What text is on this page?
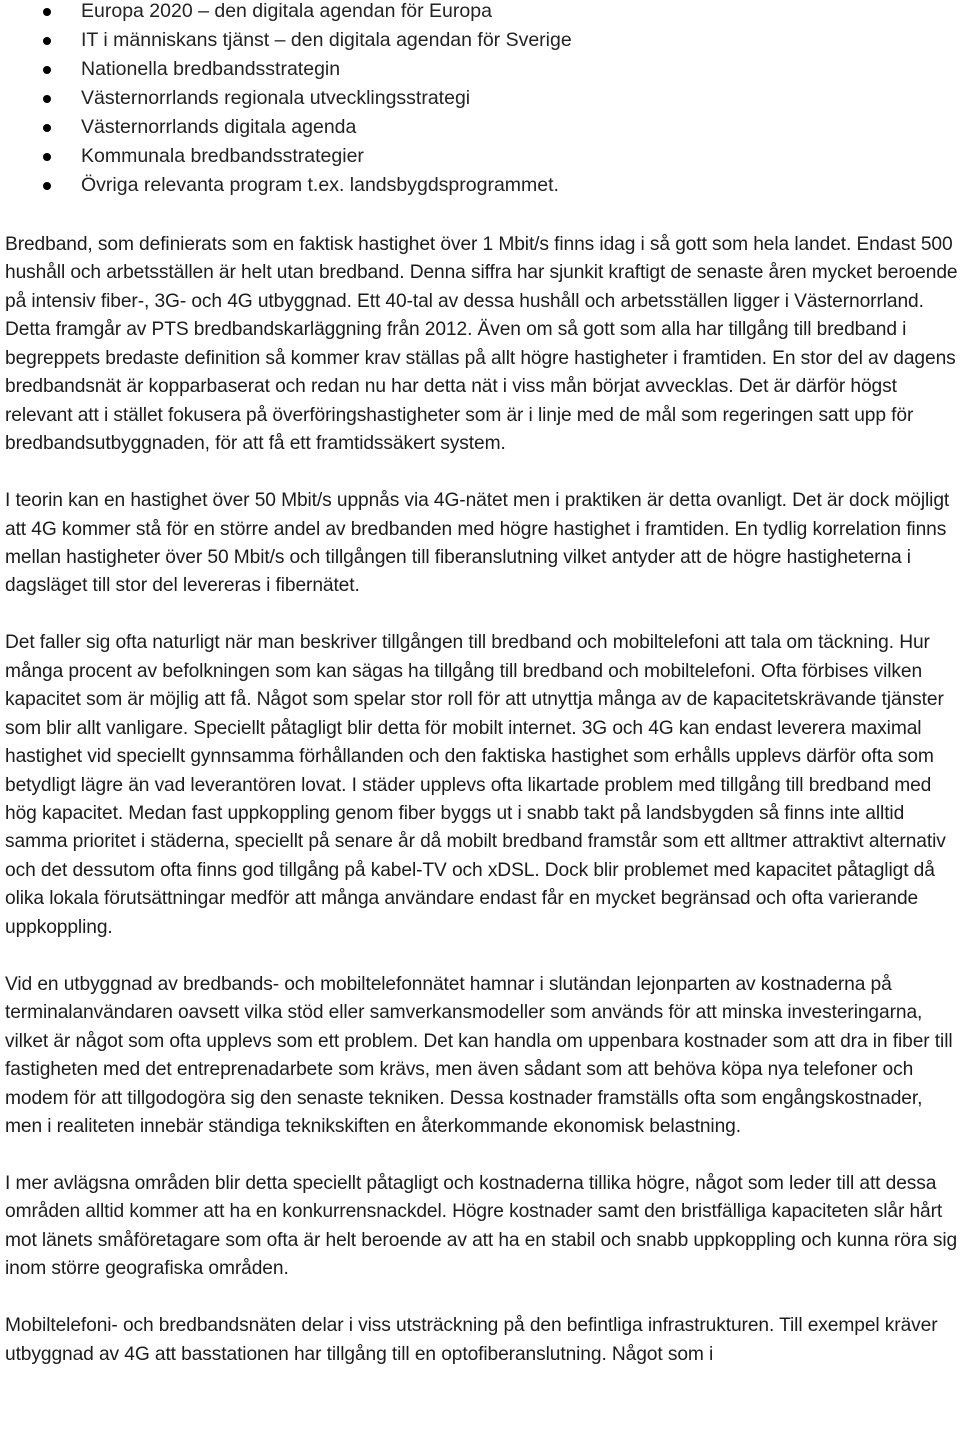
Europa 2020 – den digitala agendan för Europa
IT i människans tjänst – den digitala agendan för Sverige
Nationella bredbandsstrategin
Västernorrlands regionala utvecklingsstrategi
Västernorrlands digitala agenda
Kommunala bredbandsstrategier
Övriga relevanta program t.ex. landsbygdsprogrammet.

Bredband, som definierats som en faktisk hastighet över 1 Mbit/s finns idag i så gott som hela landet. Endast 500 hushåll och arbetsställen är helt utan bredband. Denna siffra har sjunkit kraftigt de senaste åren mycket beroende på intensiv fiber-, 3G- och 4G utbyggnad. Ett 40-tal av dessa hushåll och arbetsställen ligger i Västernorrland. Detta framgår av PTS bredbandskarläggning från 2012. Även om så gott som alla har tillgång till bredband i begreppets bredaste definition så kommer krav ställas på allt högre hastigheter i framtiden. En stor del av dagens bredbandsnät är kopparbaserat och redan nu har detta nät i viss mån börjat avvecklas. Det är därför högst relevant att i stället fokusera på överföringshastigheter som är i linje med de mål som regeringen satt upp för bredbandsutbyggnaden, för att få ett framtidssäkert system.

I teorin kan en hastighet över 50 Mbit/s uppnås via 4G-nätet men i praktiken är detta ovanligt. Det är dock möjligt att 4G kommer stå för en större andel av bredbanden med högre hastighet i framtiden. En tydlig korrelation finns mellan hastigheter över 50 Mbit/s och tillgången till fiberanslutning vilket antyder att de högre hastigheterna i dagsläget till stor del levereras i fibernätet.

Det faller sig ofta naturligt när man beskriver tillgången till bredband och mobiltelefoni att tala om täckning. Hur många procent av befolkningen som kan sägas ha tillgång till bredband och mobiltelefoni. Ofta förbises vilken kapacitet som är möjlig att få. Något som spelar stor roll för att utnyttja många av de kapacitetskrävande tjänster som blir allt vanligare. Speciellt påtagligt blir detta för mobilt internet. 3G och 4G kan endast leverera maximal hastighet vid speciellt gynnsamma förhållanden och den faktiska hastighet som erhålls upplevs därför ofta som betydligt lägre än vad leverantören lovat. I städer upplevs ofta likartade problem med tillgång till bredband med hög kapacitet. Medan fast uppkoppling genom fiber byggs ut i snabb takt på landsbygden så finns inte alltid samma prioritet i städerna, speciellt på senare år då mobilt bredband framstår som ett alltmer attraktivt alternativ och det dessutom ofta finns god tillgång på kabel-TV och xDSL. Dock blir problemet med kapacitet påtagligt då olika lokala förutsättningar medför att många användare endast får en mycket begränsad och ofta varierande uppkoppling.

Vid en utbyggnad av bredbands- och mobiltelefonnätet hamnar i slutändan lejonparten av kostnaderna på terminalanvändaren oavsett vilka stöd eller samverkansmodeller som används för att minska investeringarna, vilket är något som ofta upplevs som ett problem. Det kan handla om uppenbara kostnader som att dra in fiber till fastigheten med det entreprenadarbete som krävs, men även sådant som att behöva köpa nya telefoner och modem för att tillgodogöra sig den senaste tekniken. Dessa kostnader framställs ofta som engångskostnader, men i realiteten innebär ständiga teknikskiften en återkommande ekonomisk belastning.

I mer avlägsna områden blir detta speciellt påtagligt och kostnaderna tillika högre, något som leder till att dessa områden alltid kommer att ha en konkurrensnackdel. Högre kostnader samt den bristfälliga kapaciteten slår hårt mot länets småföretagare som ofta är helt beroende av att ha en stabil och snabb uppkoppling och kunna röra sig inom större geografiska områden.

Mobiltelefoni- och bredbandsnäten delar i viss utsträckning på den befintliga infrastrukturen. Till exempel kräver utbyggnad av 4G att basstationen har tillgång till en optofiberanslutning. Något som i
